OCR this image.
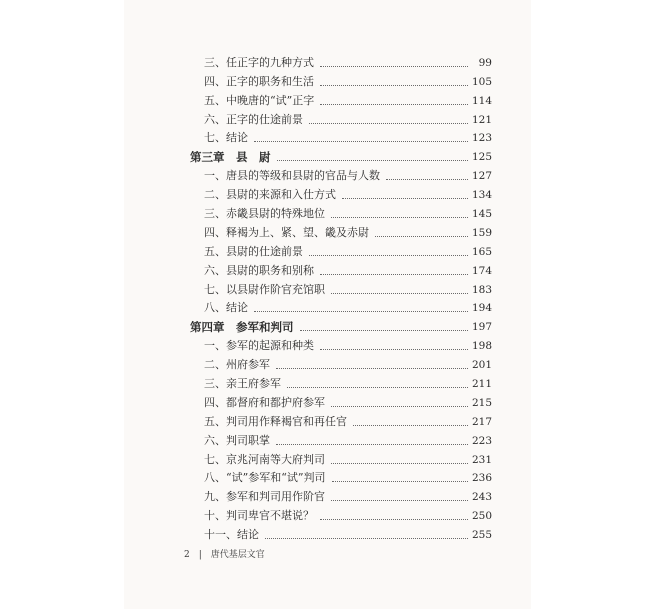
三、任正字的九种方式	99
四、正字的职务和生活	105
五、中晚唐的“试”正字	114
六、正字的仕途前景	121
七、结论	123
第三章　县　尉	125
一、唐县的等级和县尉的官品与人数	127
二、县尉的来源和入仕方式	134
三、赤畿县尉的特殊地位	145
四、释褐为上、紧、望、畿及赤尉	159
五、县尉的仕途前景	165
六、县尉的职务和别称	174
七、以县尉作阶官充馆职	183
八、结论	194
第四章　参军和判司	197
一、参军的起源和种类	198
二、州府参军	201
三、亲王府参军	211
四、都督府和都护府参军	215
五、判司用作释褐官和再任官	217
六、判司职掌	223
七、京兆河南等大府判司	231
八、“试”参军和“试”判司	236
九、参军和判司用作阶官	243
十、判司卑官不堪说？	250
十一、结论	255
2 | 唐代基层文官
